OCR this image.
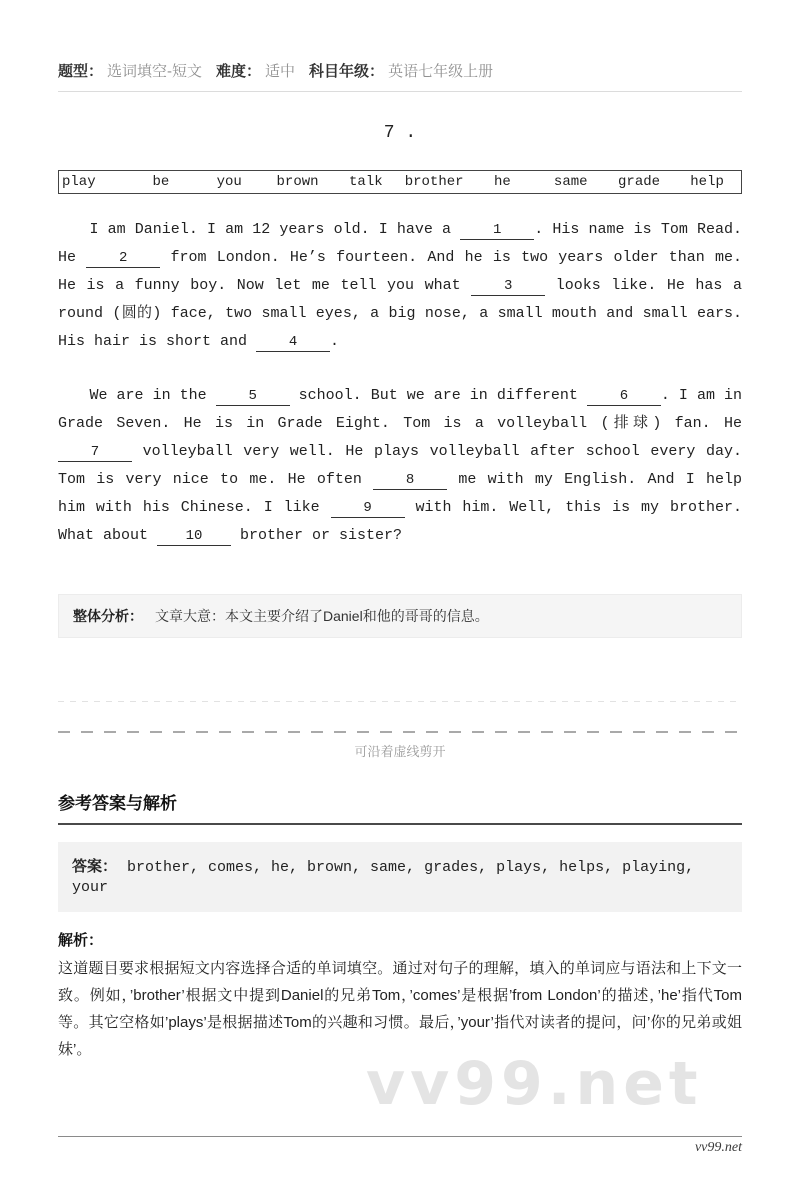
题型： 选词填空-短文 难度： 适中 科目年级： 英语七年级上册
7 .
play	be	you	brown	talk	brother	he	same	grade	help

I am Daniel. I am 12 years old. I have a 1 . His name is Tom Read. He 2 from London. He’s fourteen. And he is two years older than me. He is a funny boy. Now let me tell you what 3 looks like. He has a round (圆的) face, two small eyes, a big nose, a small mouth and small ears. His hair is short and 4 .

We are in the 5 school. But we are in different 6 . I am in Grade Seven. He is in Grade Eight. Tom is a volleyball (排球) fan. He 7 volleyball very well. He plays volleyball after school every day. Tom is very nice to me. He often 8 me with my English. And I help him with his Chinese. I like 9 with him. Well, this is my brother. What about 10 brother or sister?

整体分析： 文章大意：本文主要介绍了Daniel和他的哥哥的信息。
可沿着虚线剪开
参考答案与解析
答案： brother, comes, he, brown, same, grades, plays, helps, playing, your
解析：
这道题目要求根据短文内容选择合适的单词填空。通过对句子的理解，填入的单词应与语法和上下文一致。例如，’brother’根据文中提到Daniel的兄弟Tom，’comes’是根据’from London’的描述，’he’指代Tom等。其它空格如’plays’是根据描述Tom的兴趣和习惯。最后，’your’指代对读者的提问，问’你的兄弟或姐妹’。	vv99.net
vv99.net
